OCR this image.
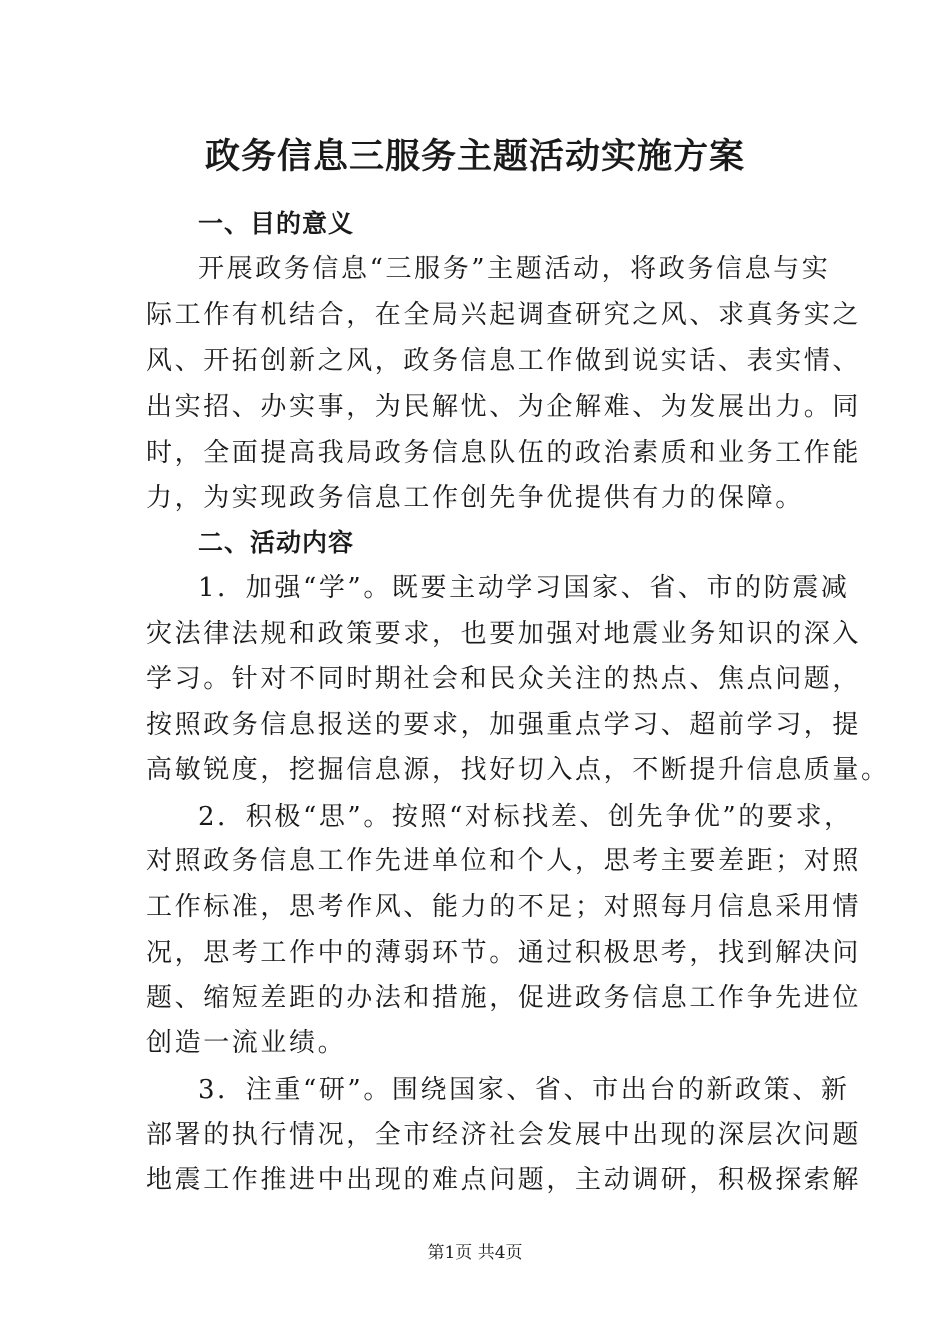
政务信息三服务主题活动实施方案
一、目的意义
开展政务信息“三服务”主题活动，将政务信息与实
际工作有机结合，在全局兴起调查研究之风、求真务实之
风、开拓创新之风，政务信息工作做到说实话、表实情、
出实招、办实事，为民解忧、为企解难、为发展出力。同
时，全面提高我局政务信息队伍的政治素质和业务工作能
力，为实现政务信息工作创先争优提供有力的保障。
二、活动内容
1．加强“学”。既要主动学习国家、省、市的防震减
灾法律法规和政策要求，也要加强对地震业务知识的深入
学习。针对不同时期社会和民众关注的热点、焦点问题，
按照政务信息报送的要求，加强重点学习、超前学习，提
高敏锐度，挖掘信息源，找好切入点，不断提升信息质量。
2．积极“思”。按照“对标找差、创先争优”的要求，
对照政务信息工作先进单位和个人，思考主要差距；对照
工作标准，思考作风、能力的不足；对照每月信息采用情
况，思考工作中的薄弱环节。通过积极思考，找到解决问
题、缩短差距的办法和措施，促进政务信息工作争先进位
创造一流业绩。
3．注重“研”。围绕国家、省、市出台的新政策、新
部署的执行情况，全市经济社会发展中出现的深层次问题
地震工作推进中出现的难点问题，主动调研，积极探索解
第1页 共4页
